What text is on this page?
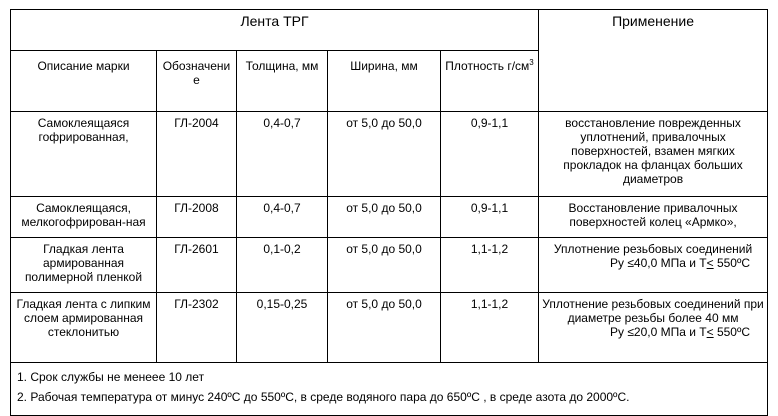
Лента ТРГ					Применение
Описание марки	Обозначение	Толщина, мм	Ширина, мм	Плотность $г/см^3$
Самоклеящаяся гофрированная,	ГЛ-2004	0,4-0,7	от 5,0 до 50,0	0,9-1,1	восстановление поврежденных уплотнений, привалочных поверхностей, взамен мягких прокладок на фланцах больших диаметров
Самоклеящаяся, мелкогофрирован-ная	ГЛ-2008	0,4-0,7	от 5,0 до 50,0	0,9-1,1	Восстановление привалочных поверхностей колец «Армко»,
Гладкая лента армированная полимерной пленкой	ГЛ-2601	0,1-0,2	от 5,0 до 50,0	1,1-1,2	Уплотнение резьбовых соединений
Ру ≤40,0 МПа и Т≤ 550ºС

Гладкая лента с липким слоем армированная стеклонитью	ГЛ-2302	0,15-0,25	от 5,0 до 50,0	1,1-1,2	Уплотнение резьбовых соединений при диаметре резьбы более 40 мм
Ру ≤20,0 МПа и Т≤ 550ºС

1. Срок службы не менеее 10 лет
2. Рабочая температура от минус 240ºС до 550ºС, в среде водяного пара до 650ºС , в среде азота до 2000ºС.					
